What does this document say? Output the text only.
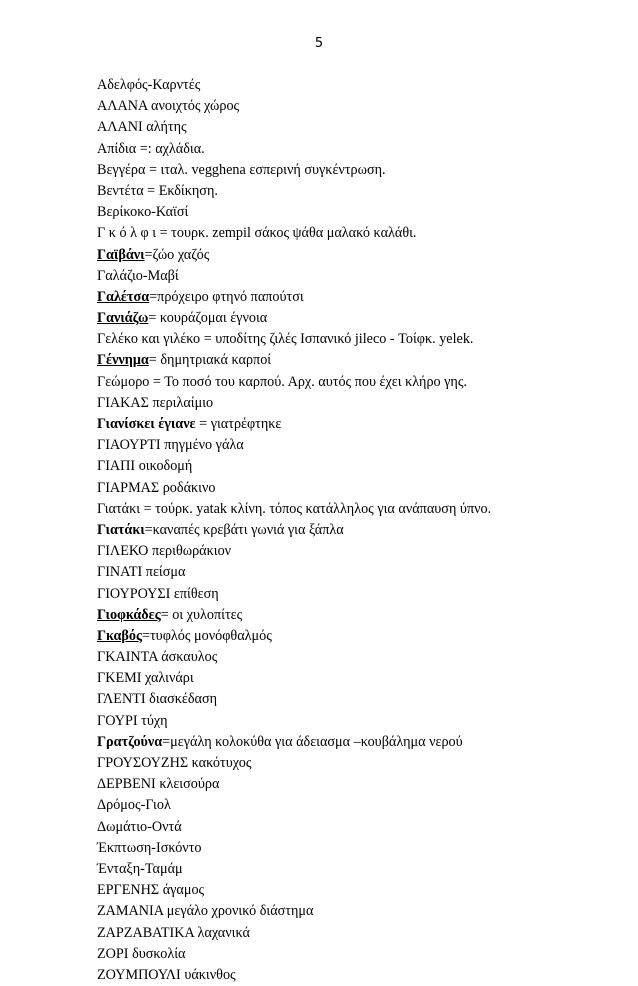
5
Αδελφός-Καρντές
ΑΛΑΝΑ ανοιχτός χώρος
ΑΛΑΝΙ αλήτης
Απίδια =: αχλάδια.
Βεγγέρα = ιταλ. vegghena εσπερινή συγκέντρωση.
Βεντέτα = Εκδίκηση.
Βερίκοκο-Καϊσί
Γ κ ό λ φ ι = τουρκ. zempil σάκος ψάθα μαλακό καλάθι.
Γαϊβάνι=ζώο χαζός
Γαλάζιο-Μαβί
Γαλέτσα=πρόχειρο φτηνό παπούτσι
Γανιάζω= κουράζομαι έγνοια
Γελέκο και γιλέκο = υποδίτης ζιλές Ισπανικό jileco - Τοίφκ. yelek.
Γέννημα= δημητριακά καρποί
Γεώμορο = Το ποσό του καρπού. Αρχ. αυτός που έχει κλήρο γης.
ΓΙΑΚΑΣ περιλαίμιο
Γιανίσκει έγιανε = γιατρέφτηκε
ΓΙΑΟΥΡΤΙ πηγμένο γάλα
ΓΙΑΠΙ οικοδομή
ΓΙΑΡΜΑΣ ροδάκινο
Γιατάκι = τούρκ. yatak κλίνη. τόπος κατάλληλος για ανάπαυση ύπνο.
Γιατάκι=καναπές κρεβάτι γωνιά για ξάπλα
ΓΙΛΕΚΟ περιθωράκιον
ΓΙΝΑΤΙ πείσμα
ΓΙΟΥΡΟΥΣΙ επίθεση
Γιοφκάδες= οι χυλοπίτες
Γκαβός=τυφλός μονόφθαλμός
ΓΚΑΙΝΤΑ άσκαυλος
ΓΚΕΜΙ χαλινάρι
ΓΛΕΝΤΙ διασκέδαση
ΓΟΥΡΙ τύχη
Γρατζούνα=μεγάλη κολοκύθα για άδειασμα –κουβάλημα νερού
ΓΡΟΥΣΟΥΖΗΣ κακότυχος
ΔΕΡΒΕΝΙ κλεισούρα
Δρόμος-Γιολ
Δωμάτιο-Οντά
Έκπτωση-Ισκόντο
Ένταξη-Ταμάμ
ΕΡΓΕΝΗΣ άγαμος
ΖΑΜΑΝΙΑ μεγάλο χρονικό διάστημα
ΖΑΡΖΑΒΑΤΙΚΑ λαχανικά
ΖΟΡΙ δυσκολία
ΖΟΥΜΠΟΥΛΙ υάκινθος
